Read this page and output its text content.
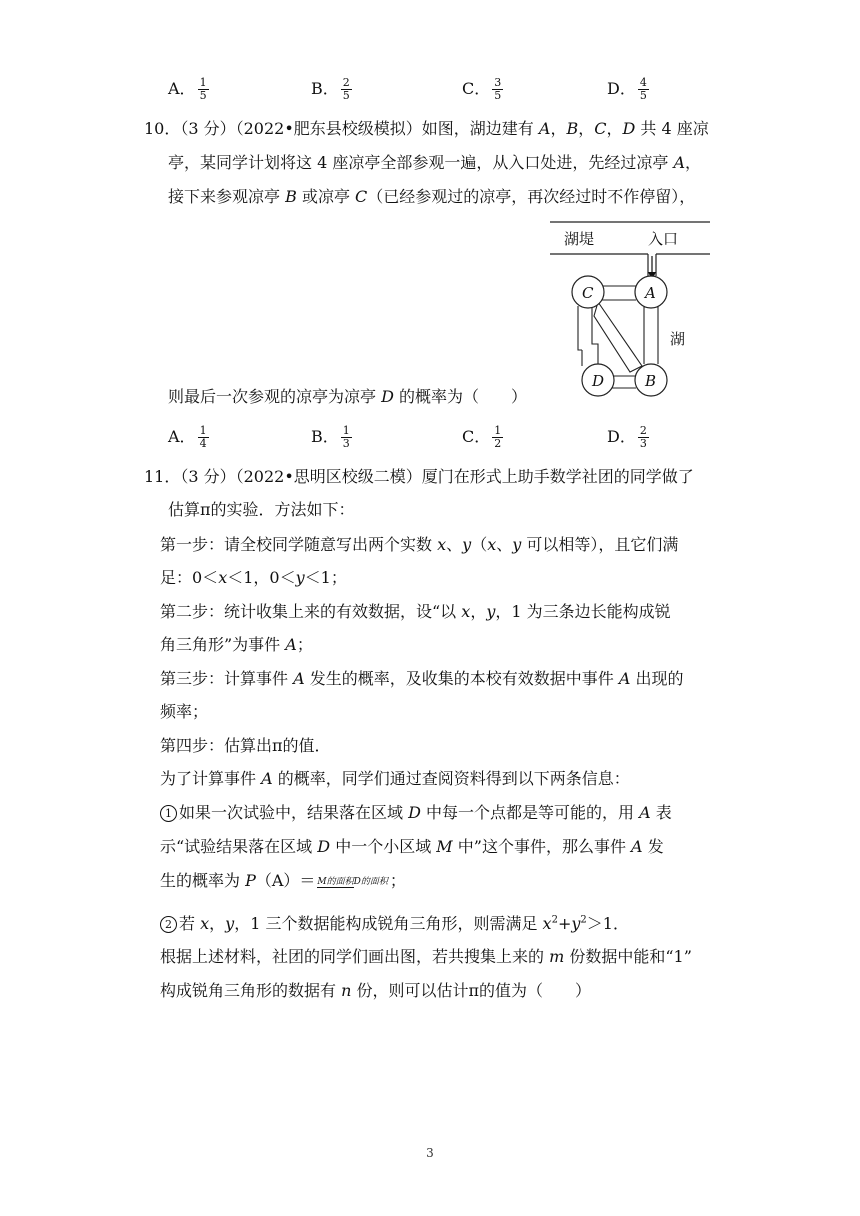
A． $\frac{1}{5}$	B． $\frac{2}{5}$	C． $\frac{3}{5}$	D． $\frac{4}{5}$
10．（3 分）（2022•肥东县校级模拟）如图，湖边建有 A，B，C，D 共 4 座凉
亭，某同学计划将这 4 座凉亭全部参观一遍，从入口处进，先经过凉亭 A，
接下来参观凉亭 B 或凉亭 C（已经参观过的凉亭，再次经过时不作停留），
湖堤	入口
湖
C	A
D	B
则最后一次参观的凉亭为凉亭 D 的概率为（　　）
A． $\frac{1}{4}$	B． $\frac{1}{3}$	C． $\frac{1}{2}$	D． $\frac{2}{3}$
11．（3 分）（2022•思明区校级二模）厦门在形式上助手数学社团的同学做了
估算π的实验．方法如下：
第一步：请全校同学随意写出两个实数 x、y（x、y 可以相等），且它们满
足：0＜x＜1，0＜y＜1；
第二步：统计收集上来的有效数据，设“以 x，y，1 为三条边长能构成锐
角三角形”为事件 A；
第三步：计算事件 A 发生的概率，及收集的本校有效数据中事件 A 出现的
频率；
第四步：估算出π的值．
为了计算事件 A 的概率，同学们通过查阅资料得到以下两条信息：
1 如果一次试验中，结果落在区域 D 中每一个点都是等可能的，用 A 表
示“试验结果落在区域 D 中一个小区域 M 中”这个事件，那么事件 A 发
生的概率为 P（A）＝ M的面积D的面积 ；
2 若 x，y，1 三个数据能构成锐角三角形，则需满足 $x^2+y^2>1$．
根据上述材料，社团的同学们画出图，若共搜集上来的 m 份数据中能和“1”
构成锐角三角形的数据有 n 份，则可以估计π的值为（　　）
3
